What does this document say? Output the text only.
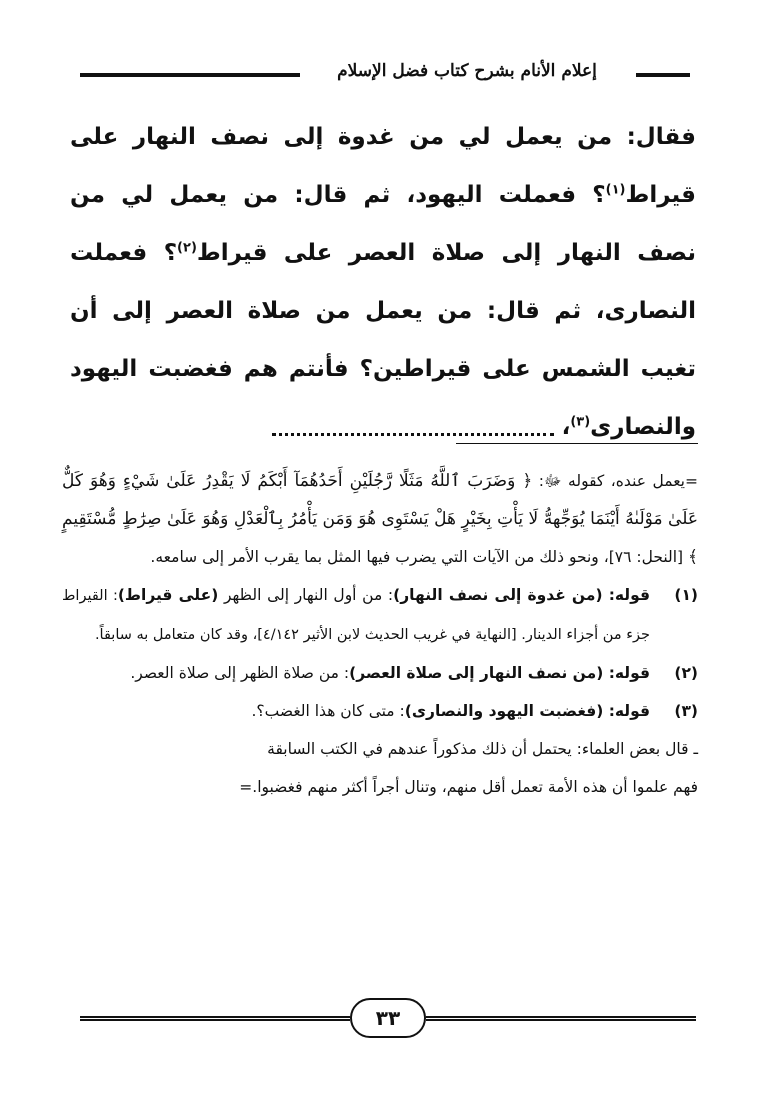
إعلام الأنام بشرح كتاب فضل الإسلام

فقال: من يعمل لي من غدوة إلى نصف النهار على قيراط$^{(١)}$؟ فعملت اليهود، ثم قال: من يعمل لي من نصف النهار إلى صلاة العصر على قيراط$^{(٢)}$؟ فعملت النصارى، ثم قال: من يعمل من صلاة العصر إلى أن تغيب الشمس على قيراطين؟ فأنتم هم فغضبت اليهود والنصارى$^{(٣)}$،

=يعمل عنده، كقوله ﷻ: ﴿ وَضَرَبَ ٱللَّهُ مَثَلًا رَّجُلَيْنِ أَحَدُهُمَآ أَبْكَمُ لَا يَقْدِرُ عَلَىٰ شَيْءٍ وَهُوَ كَلٌّ عَلَىٰ مَوْلَىٰهُ أَيْنَمَا يُوَجِّههُّ لَا يَأْتِ بِخَيْرٍ هَلْ يَسْتَوِى هُوَ وَمَن يَأْمُرُ بِٱلْعَدْلِ وَهُوَ عَلَىٰ صِرَٰطٍ مُّسْتَقِيمٍ ﴾ [النحل: ٧٦]، ونحو ذلك من الآيات التي يضرب فيها المثل بما يقرب الأمر إلى سامعه.

(١)
قوله: (من غدوة إلى نصف النهار): من أول النهار إلى الظهر (على قيراط): القيراط جزء من أجزاء الدينار. [النهاية في غريب الحديث لابن الأثير ٤/١٤٢]، وقد كان متعامل به سابقاً.
(٢)
قوله: (من نصف النهار إلى صلاة العصر): من صلاة الظهر إلى صلاة العصر.
(٣)
قوله: (فغضبت اليهود والنصارى): متى كان هذا الغضب؟.

ـ قال بعض العلماء: يحتمل أن ذلك مذكوراً عندهم في الكتب السابقة

فهم علموا أن هذه الأمة تعمل أقل منهم، وتنال أجراً أكثر منهم فغضبوا.=

٣٣
